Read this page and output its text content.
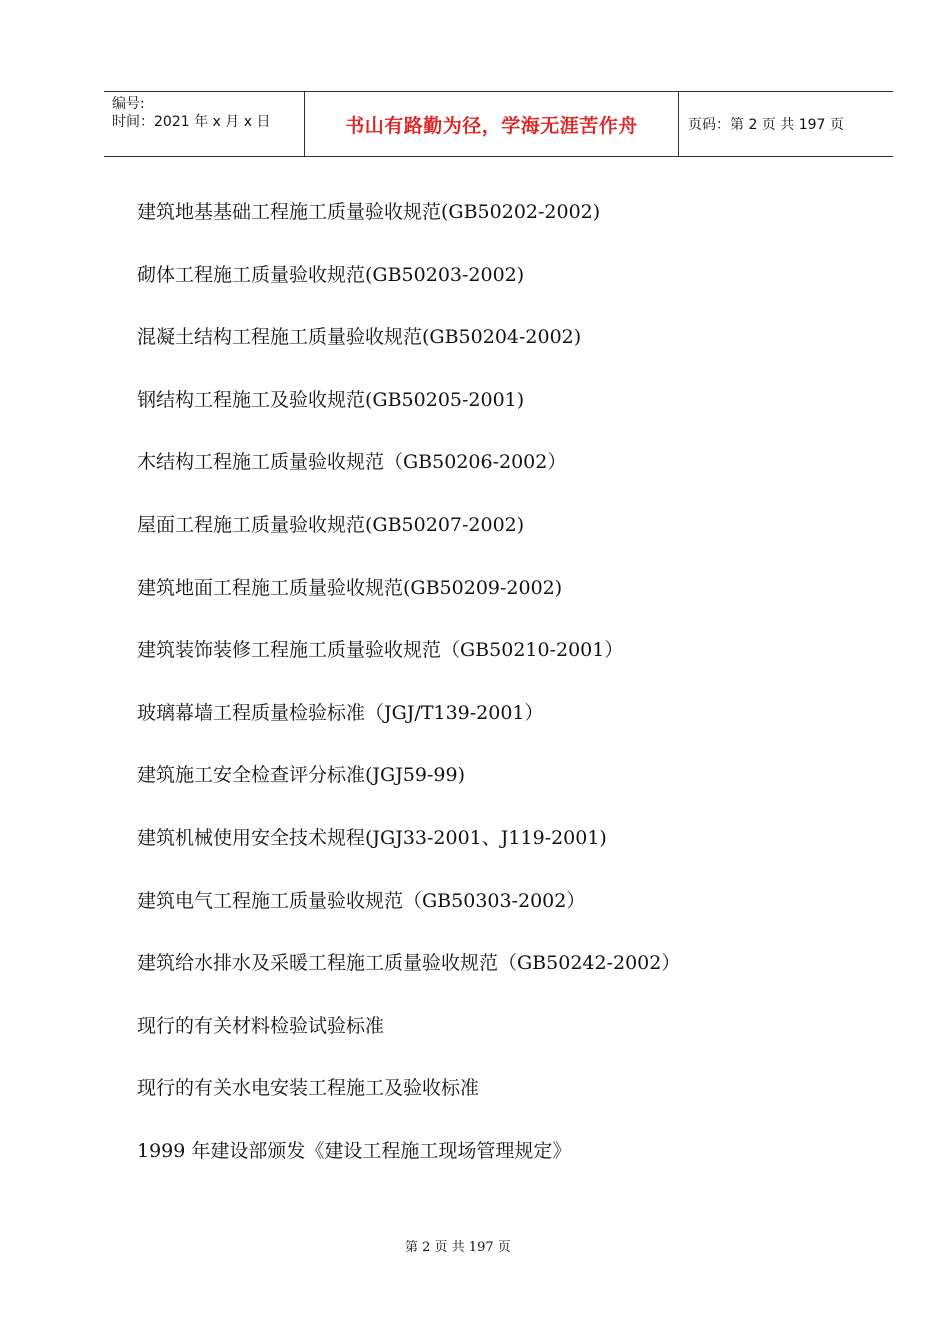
编号:
时间：2021 年 x 月 x 日	书山有路勤为径，学海无涯苦作舟	页码：第 2 页 共 197 页
建筑地基基础工程施工质量验收规范(GB50202-2002)
砌体工程施工质量验收规范(GB50203-2002)
混凝土结构工程施工质量验收规范(GB50204-2002)
钢结构工程施工及验收规范(GB50205-2001)
木结构工程施工质量验收规范（GB50206-2002）
屋面工程施工质量验收规范(GB50207-2002)
建筑地面工程施工质量验收规范(GB50209-2002)
建筑装饰装修工程施工质量验收规范（GB50210-2001）
玻璃幕墙工程质量检验标准（JGJ/T139-2001）
建筑施工安全检查评分标准(JGJ59-99)
建筑机械使用安全技术规程(JGJ33-2001、J119-2001)
建筑电气工程施工质量验收规范（GB50303-2002）
建筑给水排水及采暖工程施工质量验收规范（GB50242-2002）
现行的有关材料检验试验标准
现行的有关水电安装工程施工及验收标准
1999 年建设部颁发《建设工程施工现场管理规定》
第 2 页 共 197 页
